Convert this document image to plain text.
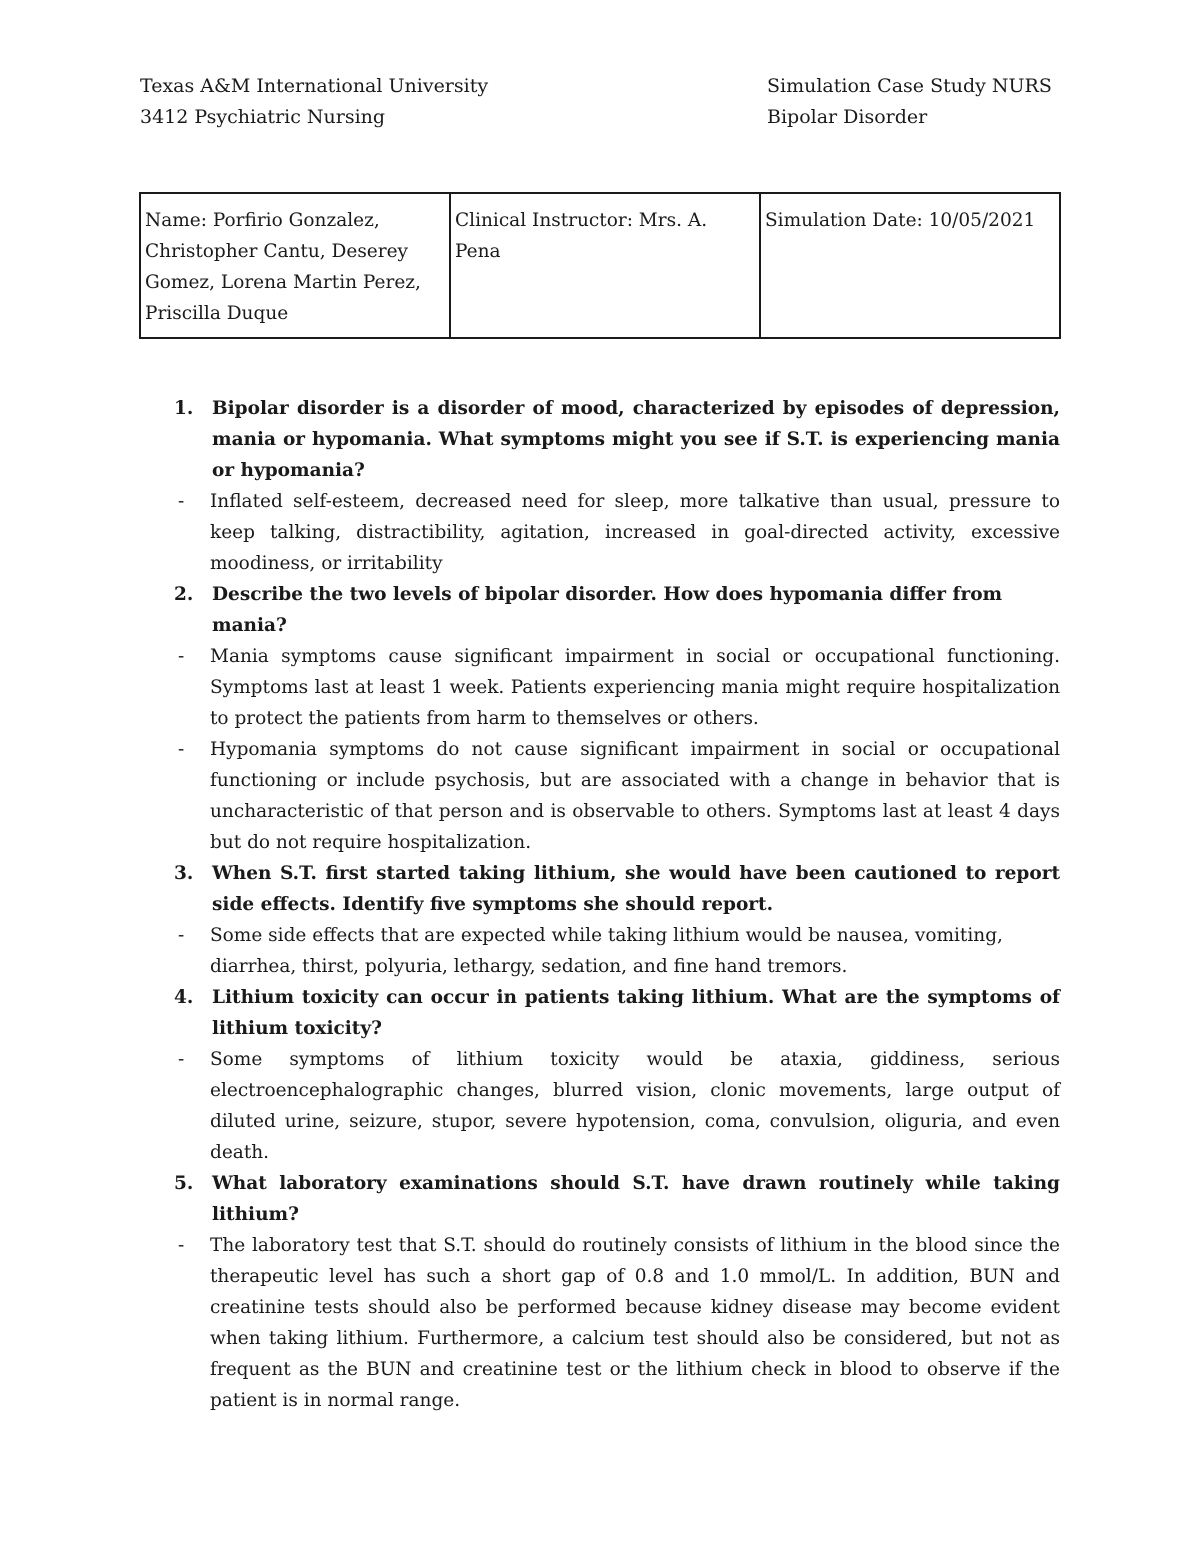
Texas A&M International University
3412 Psychiatric Nursing
Simulation Case Study NURS
Bipolar Disorder
Name: Porfirio Gonzalez, Christopher Cantu, Deserey Gomez, Lorena Martin Perez, Priscilla Duque	Clinical Instructor: Mrs. A. Pena	Simulation Date: 10/05/2021
1. Bipolar disorder is a disorder of mood, characterized by episodes of depression, mania or hypomania. What symptoms might you see if S.T. is experiencing mania or hypomania?
- Inflated self-esteem, decreased need for sleep, more talkative than usual, pressure to keep talking, distractibility, agitation, increased in goal-directed activity, excessive moodiness, or irritability
2. Describe the two levels of bipolar disorder. How does hypomania differ from mania?
- Mania symptoms cause significant impairment in social or occupational functioning. Symptoms last at least 1 week. Patients experiencing mania might require hospitalization to protect the patients from harm to themselves or others.
- Hypomania symptoms do not cause significant impairment in social or occupational functioning or include psychosis, but are associated with a change in behavior that is uncharacteristic of that person and is observable to others. Symptoms last at least 4 days but do not require hospitalization.
3. When S.T. first started taking lithium, she would have been cautioned to report side effects. Identify five symptoms she should report.
- Some side effects that are expected while taking lithium would be nausea, vomiting, diarrhea, thirst, polyuria, lethargy, sedation, and fine hand tremors.
4. Lithium toxicity can occur in patients taking lithium. What are the symptoms of lithium toxicity?
- Some symptoms of lithium toxicity would be ataxia, giddiness, serious electroencephalographic changes, blurred vision, clonic movements, large output of diluted urine, seizure, stupor, severe hypotension, coma, convulsion, oliguria, and even death.
5. What laboratory examinations should S.T. have drawn routinely while taking lithium?
- The laboratory test that S.T. should do routinely consists of lithium in the blood since the therapeutic level has such a short gap of 0.8 and 1.0 mmol/L. In addition, BUN and creatinine tests should also be performed because kidney disease may become evident when taking lithium. Furthermore, a calcium test should also be considered, but not as frequent as the BUN and creatinine test or the lithium check in blood to observe if the patient is in normal range.
